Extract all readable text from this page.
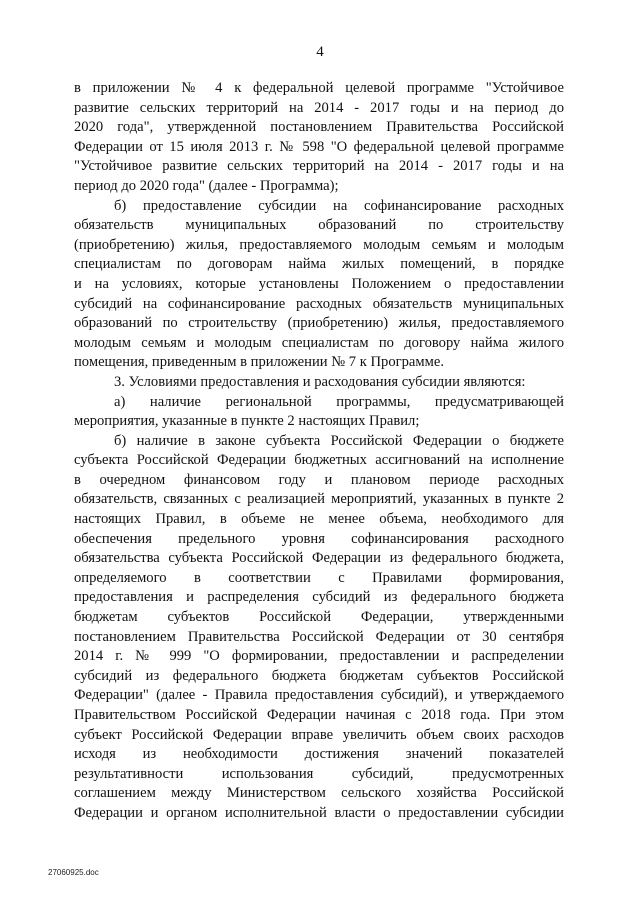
4

в приложении № 4 к федеральной целевой программе "Устойчивое

развитие сельских территорий на 2014 - 2017 годы и на период до

2020 года", утвержденной постановлением Правительства Российской

Федерации от 15 июля 2013 г. № 598 "О федеральной целевой программе

"Устойчивое развитие сельских территорий на 2014 - 2017 годы и на

период до 2020 года" (далее - Программа);

б) предоставление субсидии на софинансирование расходных

обязательств муниципальных образований по строительству

(приобретению) жилья, предоставляемого молодым семьям и молодым

специалистам по договорам найма жилых помещений, в порядке

и на условиях, которые установлены Положением о предоставлении

субсидий на софинансирование расходных обязательств муниципальных

образований по строительству (приобретению) жилья, предоставляемого

молодым семьям и молодым специалистам по договору найма жилого

помещения, приведенным в приложении № 7 к Программе.

3. Условиями предоставления и расходования субсидии являются:

а) наличие региональной программы, предусматривающей

мероприятия, указанные в пункте 2 настоящих Правил;

б) наличие в законе субъекта Российской Федерации о бюджете

субъекта Российской Федерации бюджетных ассигнований на исполнение

в очередном финансовом году и плановом периоде расходных

обязательств, связанных с реализацией мероприятий, указанных в пункте 2

настоящих Правил, в объеме не менее объема, необходимого для

обеспечения предельного уровня софинансирования расходного

обязательства субъекта Российской Федерации из федерального бюджета,

определяемого в соответствии с Правилами формирования,

предоставления и распределения субсидий из федерального бюджета

бюджетам субъектов Российской Федерации, утвержденными

постановлением Правительства Российской Федерации от 30 сентября

2014 г. № 999 "О формировании, предоставлении и распределении

субсидий из федерального бюджета бюджетам субъектов Российской

Федерации" (далее - Правила предоставления субсидий), и утверждаемого

Правительством Российской Федерации начиная с 2018 года. При этом

субъект Российской Федерации вправе увеличить объем своих расходов

исходя из необходимости достижения значений показателей

результативности использования субсидий, предусмотренных

соглашением между Министерством сельского хозяйства Российской

Федерации и органом исполнительной власти о предоставлении субсидии

27060925.doc
